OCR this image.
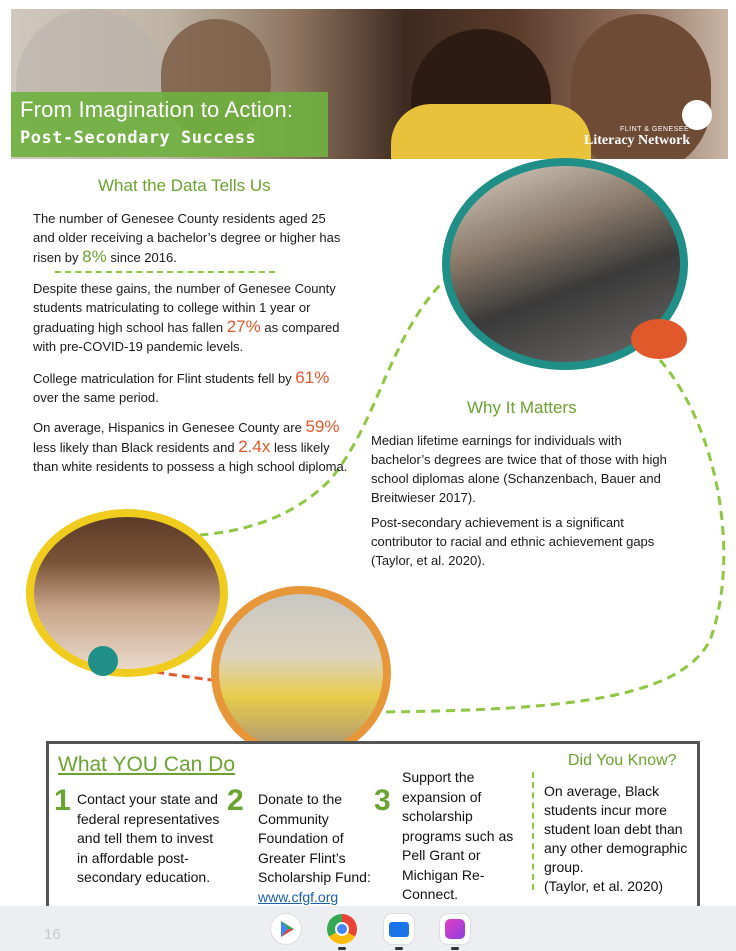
From Imagination to Action:
Post-Secondary Success	FLINT & GENESEE
Literacy Network
What the Data Tells Us
The number of Genesee County residents aged 25 and older receiving a bachelor’s degree or higher has risen by 8% since 2016.
Despite these gains, the number of Genesee County students matriculating to college within 1 year or graduating high school has fallen 27% as compared with pre-COVID-19 pandemic levels.
College matriculation for Flint students fell by 61% over the same period.
On average, Hispanics in Genesee County are 59% less likely than Black residents and 2.4x less likely than white residents to possess a high school diploma.
Why It Matters
Median lifetime earnings for individuals with bachelor’s degrees are twice that of those with high school diplomas alone (Schanzenbach, Bauer and Breitwieser 2017).
Post-secondary achievement is a significant contributor to racial and ethnic achievement gaps (Taylor, et al. 2020).
What YOU Can Do
1 Contact your state and federal representatives and tell them to invest in affordable post-secondary education.
2 Donate to the Community Foundation of Greater Flint’s Scholarship Fund: www.cfgf.org
3
Support the expansion of scholarship programs such as Pell Grant or Michigan Re-Connect.
Did You Know?
On average, Black students incur more student loan debt than any other demographic group.
(Taylor, et al. 2020)
16
